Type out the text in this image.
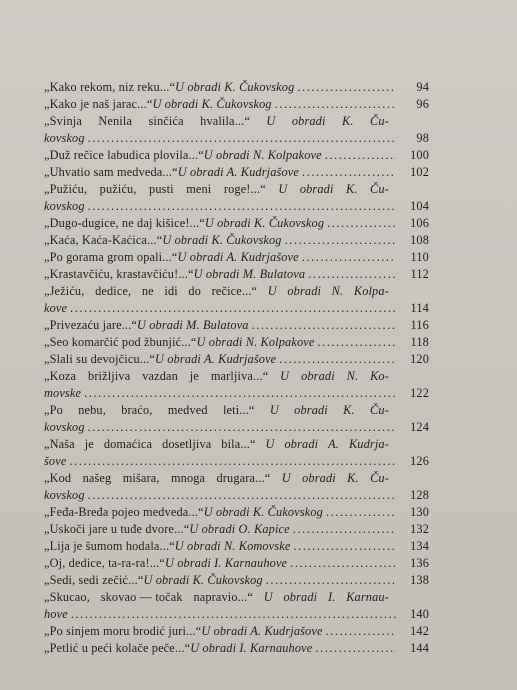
„Kako rekom, niz reku...“ U obradi K. Čukovskog .....	94
„Kako je naš jarac...“ U obradi K. Čukovskog .....	96
„Svinja Nenila sinčića hvalila...“ U obradi K. Ču-
kovskog .....	98
„Duž rečice labudica plovila...“ U obradi N. Kolpakove .....	100
„Uhvatio sam medveda...“ U obradi A. Kudrjašove .....	102
„Pužiću, pužiću, pusti meni roge!...“ U obradi K. Ču-
kovskog .....	104
„Dugo-dugice, ne daj kišice!...“ U obradi K. Čukovskog .....	106
„Kaća, Kaća-Kaćica...“ U obradi K. Čukovskog .....	108
„Po gorama grom opali...“ U obradi A. Kudrjašove .....	110
„Krastavčiću, krastavčiću!...“ U obradi M. Bulatova .....	112
„Ježiću, dedice, ne idi do rečice...“ U obradi N. Kolpa-
kove .....	114
„Privezaću jare...“ U obradi M. Bulatova .....	116
„Seo komarčić pod žbunjić...“ U obradi N. Kolpakove .....	118
„Slali su devojčicu...“ U obradi A. Kudrjašove .....	120
„Koza brižljiva vazdan je marljiva...“ U obradi N. Ko-
movske .....	122
„Po nebu, braćo, medved leti...“ U obradi K. Ču-
kovskog .....	124
„Naša je domaćica dosetljiva bila...“ U obradi A. Kudrja-
šove .....	126
„Kod našeg mišara, mnoga drugara...“ U obradi K. Ču-
kovskog .....	128
„Feđa-Bređa pojeo medveda...“ U obradi K. Čukovskog .....	130
„Uskoči jare u tuđe dvore...“ U obradi O. Kapice .....	132
„Lija je šumom hodala...“ U obradi N. Komovske .....	134
„Oj, dedice, ta-ra-ra!...“ U obradi I. Karnauhove .....	136
„Sedi, sedi zečić...“ U obradi K. Čukovskog .....	138
„Skucao, skovao — točak napravio...“ U obradi I. Karnau-
hove .....	140
„Po sinjem moru brodić juri...“ U obradi A. Kudrjašove .....	142
„Petlić u peći kolače peče...“ U obradi I. Karnauhove .....	144
